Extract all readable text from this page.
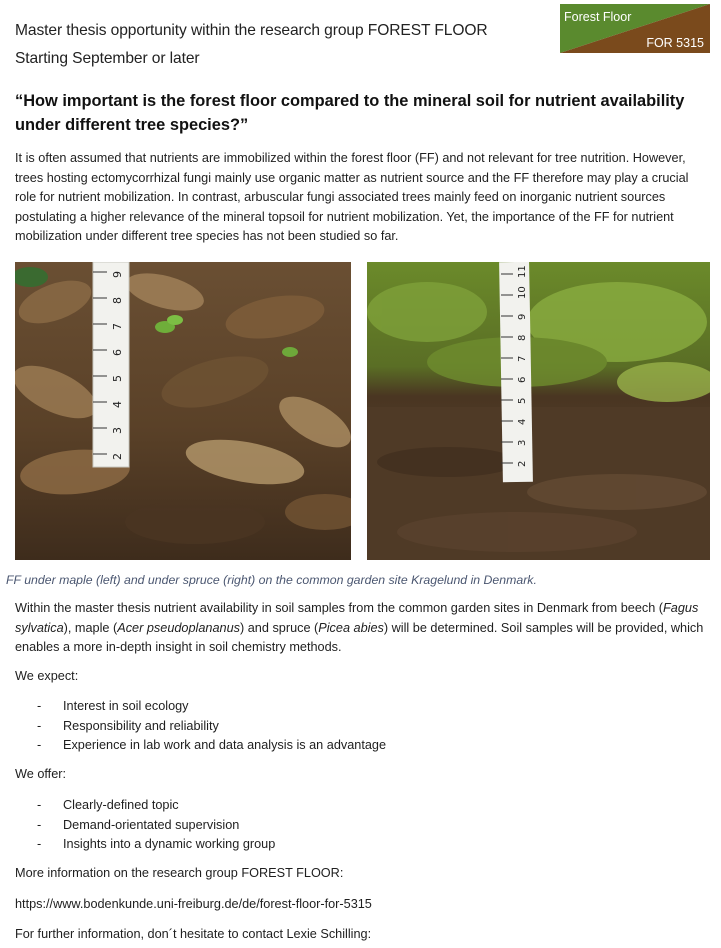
Master thesis opportunity within the research group FOREST FLOOR
Starting September or later
Forest Floor
FOR 5315
“How important is the forest floor compared to the mineral soil for nutrient availability under different tree species?”
It is often assumed that nutrients are immobilized within the forest floor (FF) and not relevant for tree nutrition. However, trees hosting ectomycorrhizal fungi mainly use organic matter as nutrient source and the FF therefore may play a crucial role for nutrient mobilization. In contrast, arbuscular fungi associated trees mainly feed on inorganic nutrient sources postulating a higher relevance of the mineral topsoil for nutrient mobilization. Yet, the importance of the FF for nutrient mobilization under different tree species has not been studied so far.
9
8
7
6
5
4
3
2
11
10
9
8
7
6
5
4
3
2
FF under maple (left) and under spruce (right) on the common garden site Kragelund in Denmark.
Within the master thesis nutrient availability in soil samples from the common garden sites in Denmark from beech (Fagus sylvatica), maple (Acer pseudoplananus) and spruce (Picea abies) will be determined. Soil samples will be provided, which enables a more in-depth insight in soil chemistry methods.
We expect:
- Interest in soil ecology
- Responsibility and reliability
- Experience in lab work and data analysis is an advantage
We offer:
- Clearly-defined topic
- Demand-orientated supervision
- Insights into a dynamic working group
More information on the research group FOREST FLOOR:
https://www.bodenkunde.uni-freiburg.de/de/forest-floor-for-5315
For further information, don´t hesitate to contact Lexie Schilling:
